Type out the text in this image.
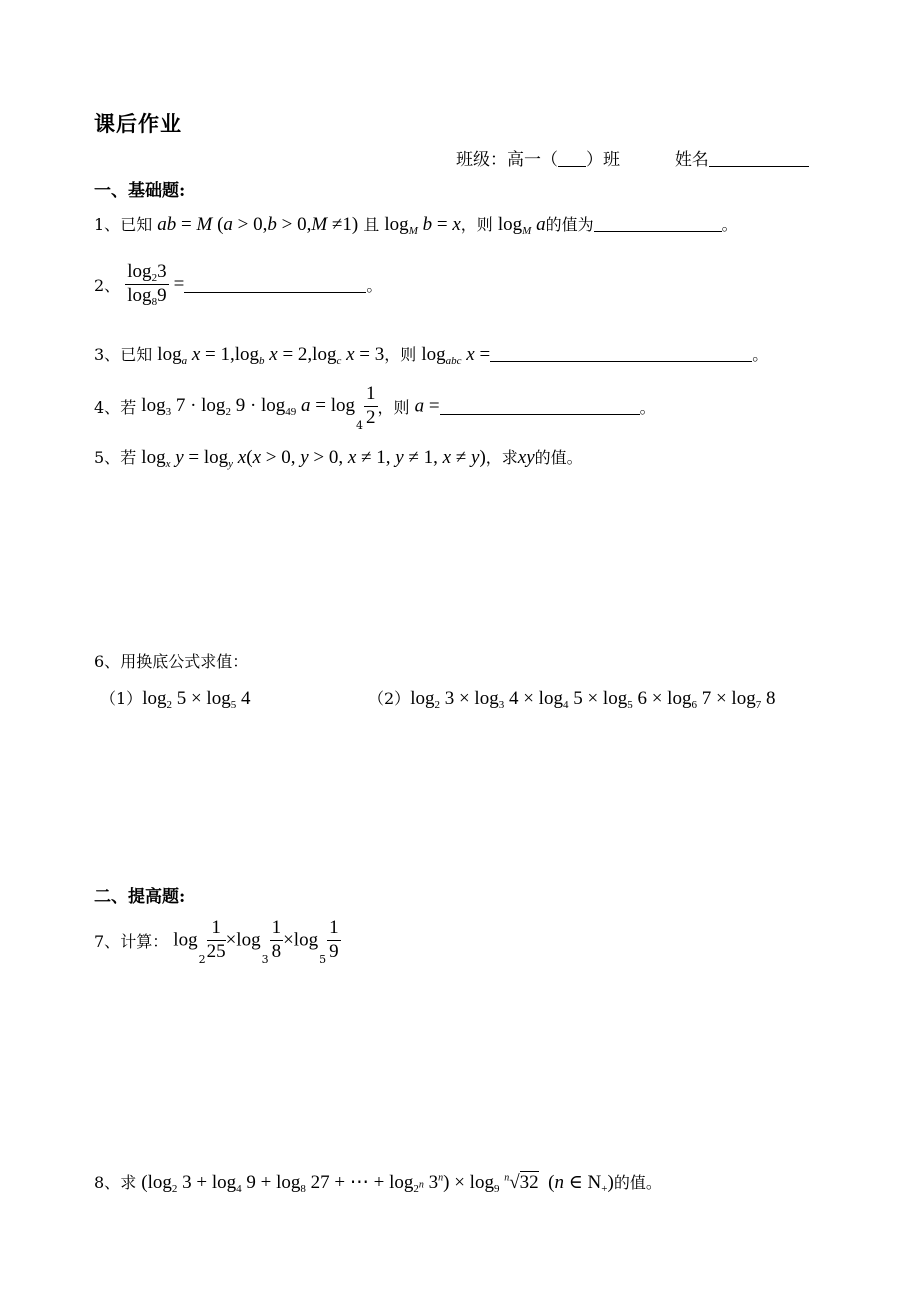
课后作业
班级：高一（ ）班	姓名
一、基础题:
1、已知 ab = M (a > 0,b > 0,M ≠1) 且 $\log_M b = x$，则 $\log_M a$的值为	。
2、 $\frac{\log_23}{\log_89}$ =	。
3、已知 $\log_a x = 1,\log_b$ $x = 2,\log_c$ x = 3，则 $\log_{abc} x$ =	。
4、若 $\log_3 7 \cdot \log_2 9 \cdot \log_{49} a = \log 4 \frac{1}{2}$ ，则 a =	。
5、若 $\log_x y = \log_y x(x > 0$, y > 0, x ≠ 1, y ≠ 1, x ≠ y)，求xy的值。
6、用换底公式求值：
$(1)\log_2$ $5 \times \log_5 4$	$(2)\log_2$ $3 \times \log_3 4 \times \log_4 5 \times \log_5 6 \times \log_6 7 \times \log_7 8$
二、提高题:
7、计算： $\log 2 \frac{1}{25} \times\log 3 \frac{1}{8} \times\log 5 \frac{1}{9}$
8、求 ($\log_2$ $3 + \log_4 9 + \log_8 27$ + ⋯ + $\log_{2^n} 3^n) \times \log_9 ^n√32$  (n ∈ $N_+$)的值。
